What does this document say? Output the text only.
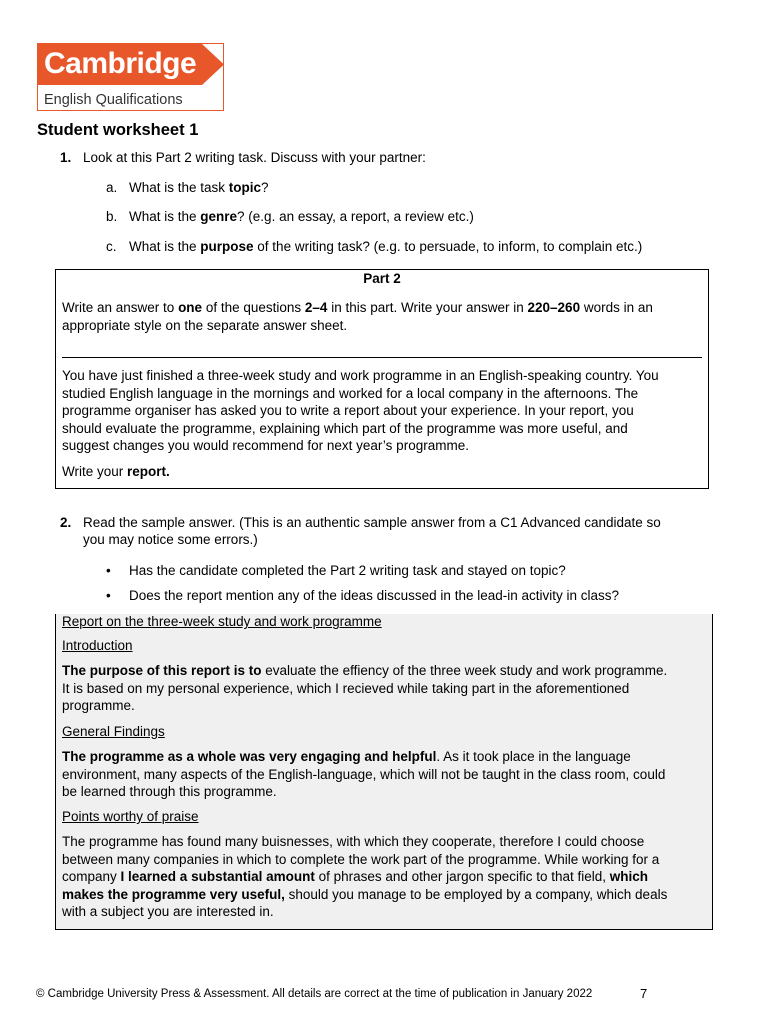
Cambridge
English Qualifications
Student worksheet 1
1. Look at this Part 2 writing task. Discuss with your partner:
a. What is the task topic?
b. What is the genre? (e.g. an essay, a report, a review etc.)
c. What is the purpose of the writing task? (e.g. to persuade, to inform, to complain etc.)
Part 2
Write an answer to one of the questions 2–4 in this part. Write your answer in 220–260 words in an
appropriate style on the separate answer sheet.
You have just finished a three-week study and work programme in an English-speaking country. You
studied English language in the mornings and worked for a local company in the afternoons. The
programme organiser has asked you to write a report about your experience. In your report, you
should evaluate the programme, explaining which part of the programme was more useful, and
suggest changes you would recommend for next year’s programme.
Write your report.
2. Read the sample answer. (This is an authentic sample answer from a C1 Advanced candidate so
you may notice some errors.)
• Has the candidate completed the Part 2 writing task and stayed on topic?
• Does the report mention any of the ideas discussed in the lead-in activity in class?
Report on the three-week study and work programme
Introduction
The purpose of this report is to evaluate the effiency of the three week study and work programme.
It is based on my personal experience, which I recieved while taking part in the aforementioned
programme.
General Findings
The programme as a whole was very engaging and helpful. As it took place in the language
environment, many aspects of the English-language, which will not be taught in the class room, could
be learned through this programme.
Points worthy of praise
The programme has found many buisnesses, with which they cooperate, therefore I could choose
between many companies in which to complete the work part of the programme. While working for a
company I learned a substantial amount of phrases and other jargon specific to that field, which
makes the programme very useful, should you manage to be employed by a company, which deals
with a subject you are interested in.
© Cambridge University Press & Assessment. All details are correct at the time of publication in January 2022	7
